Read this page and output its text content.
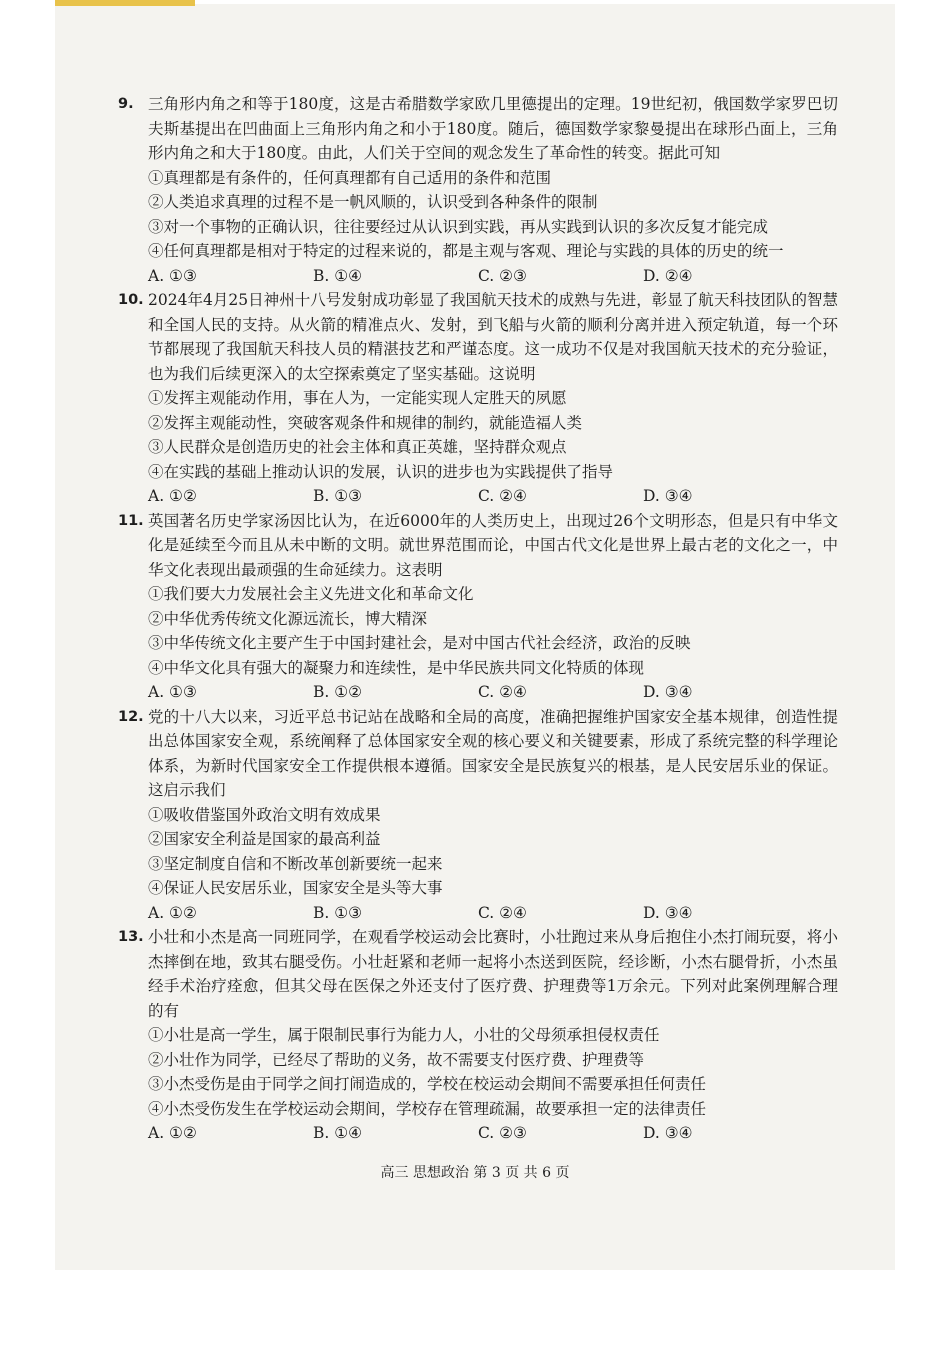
9. 三角形内角之和等于180度，这是古希腊数学家欧几里德提出的定理。19世纪初，俄国数学家罗巴切夫斯基提出在凹曲面上三角形内角之和小于180度。随后，德国数学家黎曼提出在球形凸面上，三角形内角之和大于180度。由此，人们关于空间的观念发生了革命性的转变。据此可知
①真理都是有条件的，任何真理都有自己适用的条件和范围
②人类追求真理的过程不是一帆风顺的，认识受到各种条件的限制
③对一个事物的正确认识，往往要经过从认识到实践，再从实践到认识的多次反复才能完成
④任何真理都是相对于特定的过程来说的，都是主观与客观、理论与实践的具体的历史的统一
A. ①③	B. ①④	C. ②③	D. ②④
10. 2024年4月25日神州十八号发射成功彰显了我国航天技术的成熟与先进，彰显了航天科技团队的智慧和全国人民的支持。从火箭的精准点火、发射，到飞船与火箭的顺利分离并进入预定轨道，每一个环节都展现了我国航天科技人员的精湛技艺和严谨态度。这一成功不仅是对我国航天技术的充分验证，也为我们后续更深入的太空探索奠定了坚实基础。这说明
①发挥主观能动作用，事在人为，一定能实现人定胜天的夙愿
②发挥主观能动性，突破客观条件和规律的制约，就能造福人类
③人民群众是创造历史的社会主体和真正英雄，坚持群众观点
④在实践的基础上推动认识的发展，认识的进步也为实践提供了指导
A. ①②	B. ①③	C. ②④	D. ③④
11. 英国著名历史学家汤因比认为，在近6000年的人类历史上，出现过26个文明形态，但是只有中华文化是延续至今而且从未中断的文明。就世界范围而论，中国古代文化是世界上最古老的文化之一，中华文化表现出最顽强的生命延续力。这表明
①我们要大力发展社会主义先进文化和革命文化
②中华优秀传统文化源远流长，博大精深
③中华传统文化主要产生于中国封建社会，是对中国古代社会经济，政治的反映
④中华文化具有强大的凝聚力和连续性，是中华民族共同文化特质的体现
A. ①③	B. ①②	C. ②④	D. ③④
12. 党的十八大以来，习近平总书记站在战略和全局的高度，准确把握维护国家安全基本规律，创造性提出总体国家安全观，系统阐释了总体国家安全观的核心要义和关键要素，形成了系统完整的科学理论体系，为新时代国家安全工作提供根本遵循。国家安全是民族复兴的根基，是人民安居乐业的保证。这启示我们
①吸收借鉴国外政治文明有效成果
②国家安全利益是国家的最高利益
③坚定制度自信和不断改革创新要统一起来
④保证人民安居乐业，国家安全是头等大事
A. ①②	B. ①③	C. ②④	D. ③④
13. 小壮和小杰是高一同班同学，在观看学校运动会比赛时，小壮跑过来从身后抱住小杰打闹玩耍，将小杰摔倒在地，致其右腿受伤。小壮赶紧和老师一起将小杰送到医院，经诊断，小杰右腿骨折，小杰虽经手术治疗痊愈，但其父母在医保之外还支付了医疗费、护理费等1万余元。下列对此案例理解合理的有
①小壮是高一学生，属于限制民事行为能力人，小壮的父母须承担侵权责任
②小壮作为同学，已经尽了帮助的义务，故不需要支付医疗费、护理费等
③小杰受伤是由于同学之间打闹造成的，学校在校运动会期间不需要承担任何责任
④小杰受伤发生在学校运动会期间，学校存在管理疏漏，故要承担一定的法律责任
A. ①②	B. ①④	C. ②③	D. ③④
高三 思想政治 第 3 页 共 6 页
